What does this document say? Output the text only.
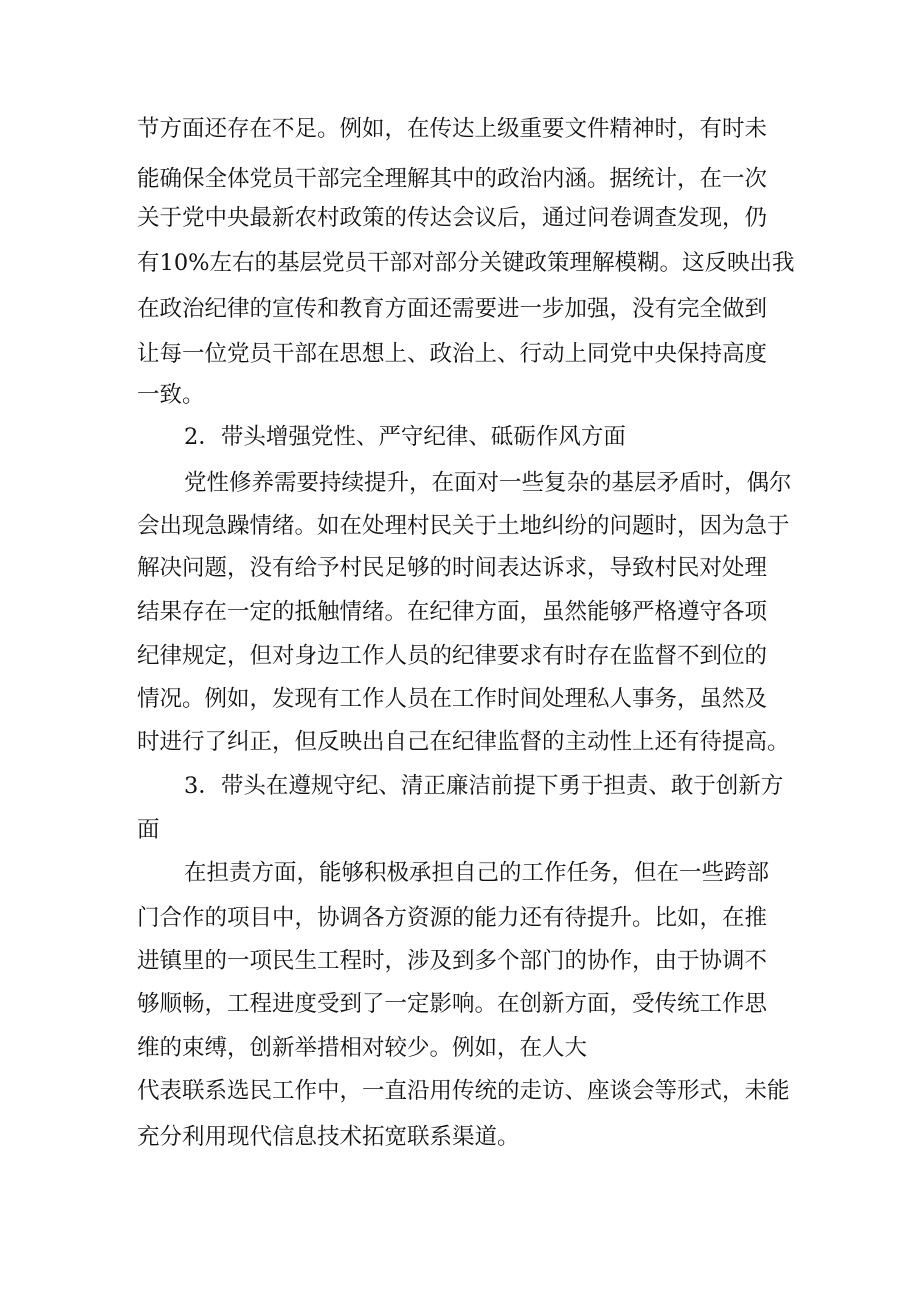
节方面还存在不足。例如，在传达上级重要文件精神时，有时未

能确保全体党员干部完全理解其中的政治内涵。据统计，在一次

关于党中央最新农村政策的传达会议后，通过问卷调查发现，仍

有10%左右的基层党员干部对部分关键政策理解模糊。这反映出我

在政治纪律的宣传和教育方面还需要进一步加强，没有完全做到

让每一位党员干部在思想上、政治上、行动上同党中央保持高度

一致。

2．带头增强党性、严守纪律、砥砺作风方面

党性修养需要持续提升，在面对一些复杂的基层矛盾时，偶尔

会出现急躁情绪。如在处理村民关于土地纠纷的问题时，因为急于

解决问题，没有给予村民足够的时间表达诉求，导致村民对处理

结果存在一定的抵触情绪。在纪律方面，虽然能够严格遵守各项

纪律规定，但对身边工作人员的纪律要求有时存在监督不到位的

情况。例如，发现有工作人员在工作时间处理私人事务，虽然及

时进行了纠正，但反映出自己在纪律监督的主动性上还有待提高。

3．带头在遵规守纪、清正廉洁前提下勇于担责、敢于创新方

面

在担责方面，能够积极承担自己的工作任务，但在一些跨部

门合作的项目中，协调各方资源的能力还有待提升。比如，在推

进镇里的一项民生工程时，涉及到多个部门的协作，由于协调不

够顺畅，工程进度受到了一定影响。在创新方面，受传统工作思

维的束缚，创新举措相对较少。例如，在人大

代表联系选民工作中，一直沿用传统的走访、座谈会等形式，未能

充分利用现代信息技术拓宽联系渠道。
